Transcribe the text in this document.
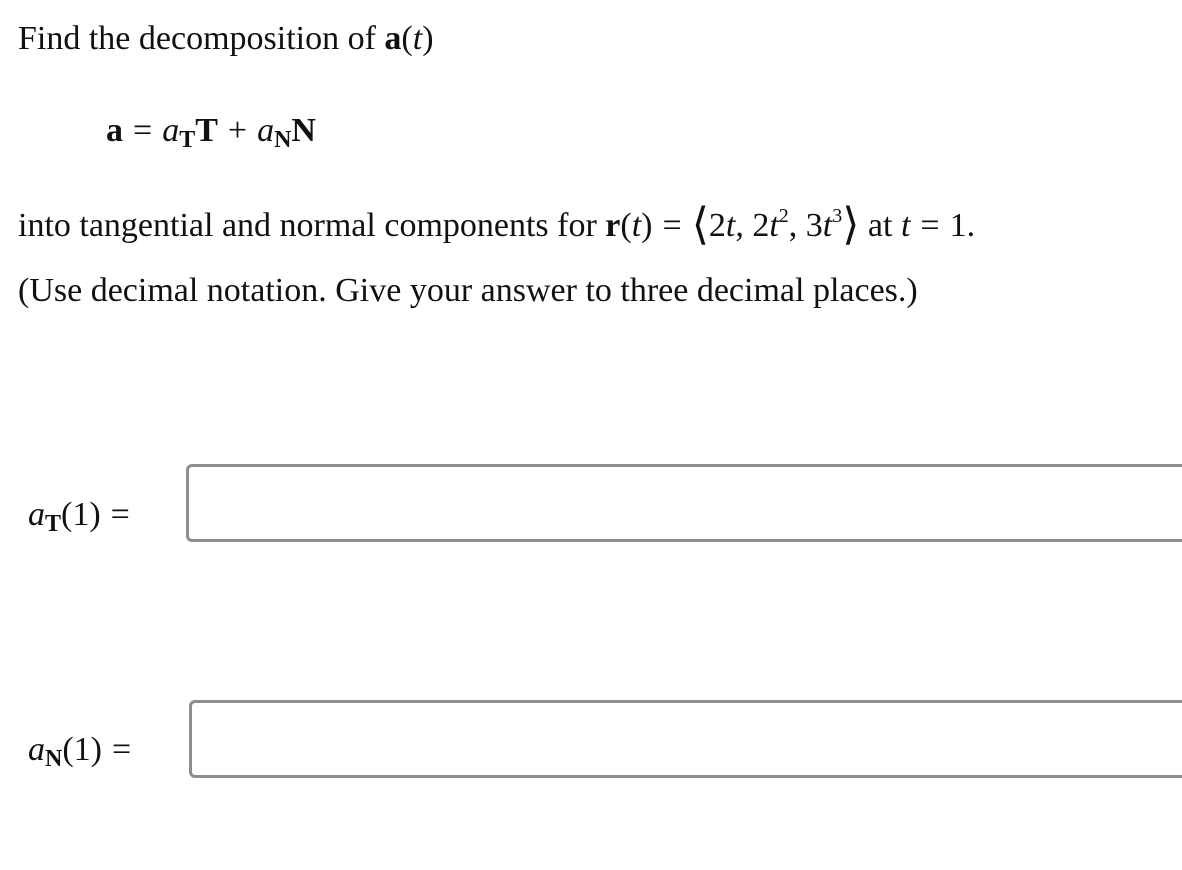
Find the decomposition of a(t)
a = aTT + aNN
into tangential and normal components for r(t) = ⟨2t, $2t^2$, $3t^3⟩$ at t = 1.
(Use decimal notation. Give your answer to three decimal places.)
aT(1) =
aN(1) =
